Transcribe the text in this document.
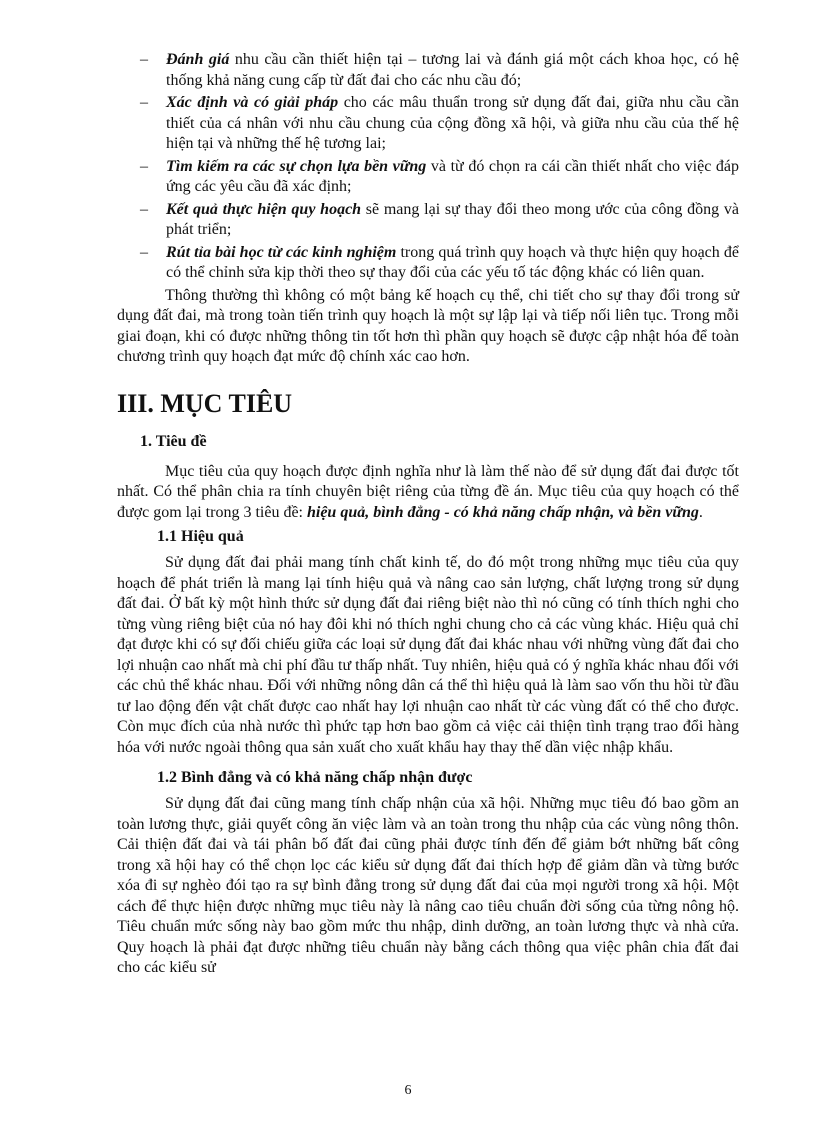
– Đánh giá nhu cầu cần thiết hiện tại – tương lai và đánh giá một cách khoa học, có hệ thống khả năng cung cấp từ đất đai cho các nhu cầu đó;
– Xác định và có giải pháp cho các mâu thuẩn trong sử dụng đất đai, giữa nhu cầu cần thiết của cá nhân với nhu cầu chung của cộng đồng xã hội, và giữa nhu cầu của thế hệ hiện tại và những thế hệ tương lai;
– Tìm kiếm ra các sự chọn lựa bền vững và từ đó chọn ra cái cần thiết nhất cho việc đáp ứng các yêu cầu đã xác định;
– Kết quả thực hiện quy hoạch sẽ mang lại sự thay đổi theo mong ước của công đồng và phát triển;
– Rút tỉa bài học từ các kinh nghiệm trong quá trình quy hoạch và thực hiện quy hoạch để có thể chỉnh sửa kịp thời theo sự thay đổi của các yếu tố tác động khác có liên quan.

Thông thường thì không có một bảng kế hoạch cụ thể, chi tiết cho sự thay đổi trong sử dụng đất đai, mà trong toàn tiến trình quy hoạch là một sự lập lại và tiếp nối liên tục. Trong mỗi giai đoạn, khi có được những thông tin tốt hơn thì phần quy hoạch sẽ được cập nhật hóa để toàn chương trình quy hoạch đạt mức độ chính xác cao hơn.

III. MỤC TIÊU
1. Tiêu đề

Mục tiêu của quy hoạch được định nghĩa như là làm thế nào để sử dụng đất đai được tốt nhất. Có thể phân chia ra tính chuyên biệt riêng của từng đề án. Mục tiêu của quy hoạch có thể được gom lại trong 3 tiêu đề: hiệu quả, bình đẳng - có khả năng chấp nhận, và bền vững.

1.1 Hiệu quả

Sử dụng đất đai phải mang tính chất kinh tế, do đó một trong những mục tiêu của quy hoạch để phát triển là mang lại tính hiệu quả và nâng cao sản lượng, chất lượng trong sử dụng đất đai. Ở bất kỳ một hình thức sử dụng đất đai riêng biệt nào thì nó cũng có tính thích nghi cho từng vùng riêng biệt của nó hay đôi khi nó thích nghi chung cho cả các vùng khác. Hiệu quả chỉ đạt được khi có sự đối chiếu giữa các loại sử dụng đất đai khác nhau với những vùng đất đai cho lợi nhuận cao nhất mà chi phí đầu tư thấp nhất. Tuy nhiên, hiệu quả có ý nghĩa khác nhau đối với các chủ thể khác nhau. Đối với những nông dân cá thể thì hiệu quả là làm sao vốn thu hồi từ đầu tư lao động đến vật chất được cao nhất hay lợi nhuận cao nhất từ các vùng đất có thể cho được. Còn mục đích của nhà nước thì phức tạp hơn bao gồm cả việc cải thiện tình trạng trao đổi hàng hóa với nước ngoài thông qua sản xuất cho xuất khẩu hay thay thế dần việc nhập khẩu.

1.2 Bình đẳng và có khả năng chấp nhận được

Sử dụng đất đai cũng mang tính chấp nhận của xã hội. Những mục tiêu đó bao gồm an toàn lương thực, giải quyết công ăn việc làm và an toàn trong thu nhập của các vùng nông thôn. Cải thiện đất đai và tái phân bố đất đai cũng phải được tính đến để giảm bớt những bất công trong xã hội hay có thể chọn lọc các kiểu sử dụng đất đai thích hợp để giảm dần và từng bước xóa đi sự nghèo đói tạo ra sự bình đẳng trong sử dụng đất đai của mọi người trong xã hội. Một cách để thực hiện được những mục tiêu này là nâng cao tiêu chuẩn đời sống của từng nông hộ. Tiêu chuẩn mức sống này bao gồm mức thu nhập, dinh dưỡng, an toàn lương thực và nhà cửa. Quy hoạch là phải đạt được những tiêu chuẩn này bằng cách thông qua việc phân chia đất đai cho các kiểu sử

6
